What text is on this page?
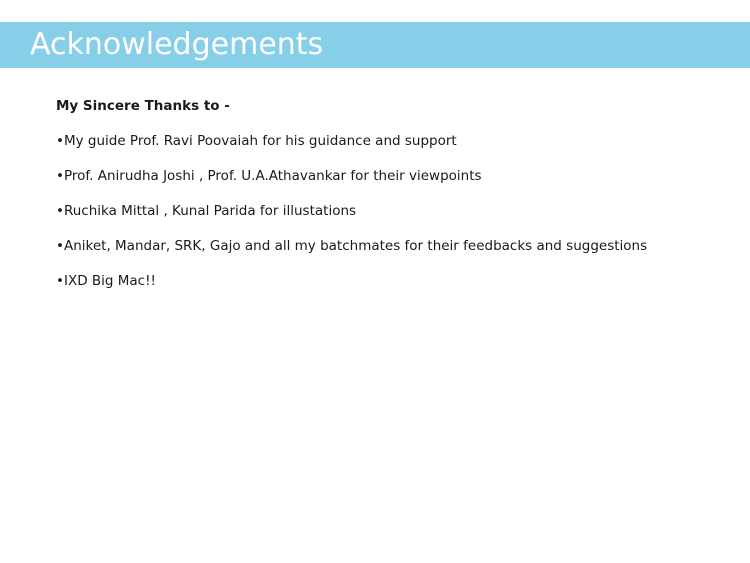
Acknowledgements

My Sincere Thanks to -

•My guide Prof. Ravi Poovaiah for his guidance and support
•Prof. Anirudha Joshi , Prof. U.A.Athavankar for their viewpoints
•Ruchika Mittal , Kunal Parida for illustations
•Aniket, Mandar, SRK, Gajo and all my batchmates for their feedbacks and suggestions
•IXD Big Mac!!
